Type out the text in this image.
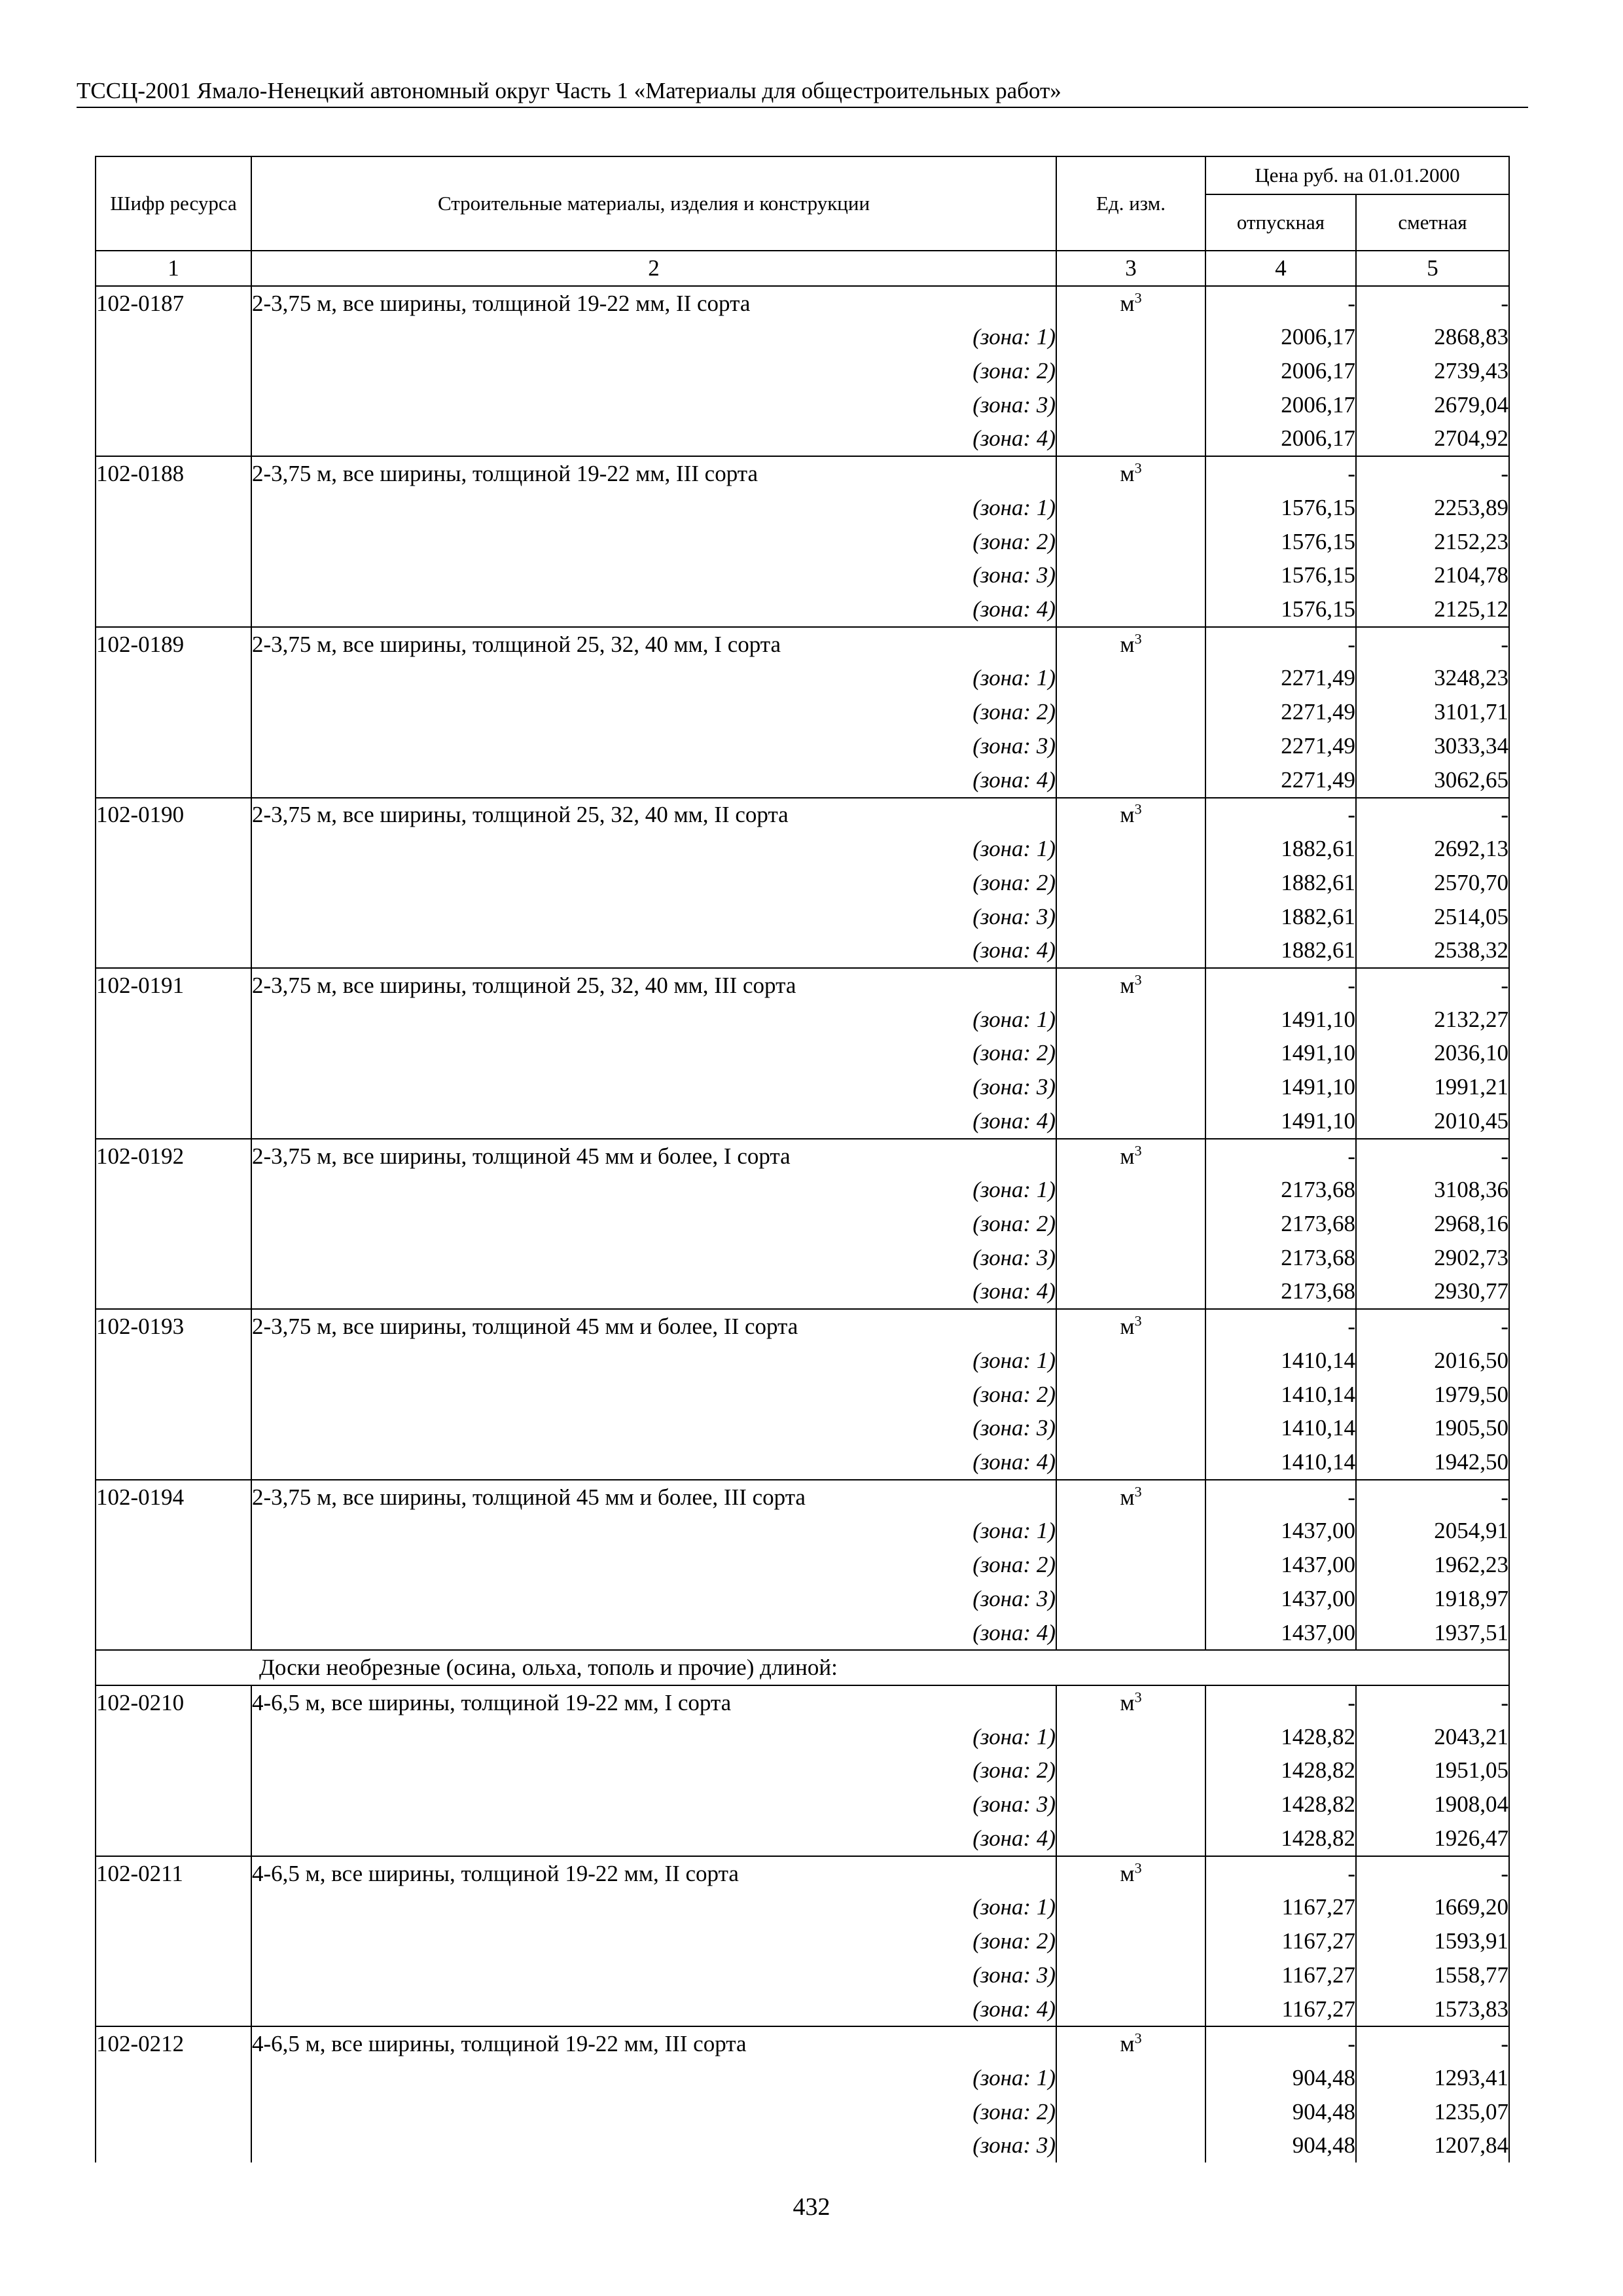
ТССЦ-2001 Ямало-Ненецкий автономный округ Часть 1 «Материалы для общестроительных работ»
Шифр ресурса	Строительные материалы, изделия и конструкции	Ед. изм.	Цена руб. на 01.01.2000	
			отпускная	сметная
1	2	3	4	5
102-0187	2-3,75 м, все ширины, толщиной 19-22 мм, II сорта	$м^3$	-	-
	(зона: 1)		2006,17	2868,83
	(зона: 2)		2006,17	2739,43
	(зона: 3)		2006,17	2679,04
	(зона: 4)		2006,17	2704,92
102-0188	2-3,75 м, все ширины, толщиной 19-22 мм, III сорта	$м^3$	-	-
	(зона: 1)		1576,15	2253,89
	(зона: 2)		1576,15	2152,23
	(зона: 3)		1576,15	2104,78
	(зона: 4)		1576,15	2125,12
102-0189	2-3,75 м, все ширины, толщиной 25, 32, 40 мм, I сорта	$м^3$	-	-
	(зона: 1)		2271,49	3248,23
	(зона: 2)		2271,49	3101,71
	(зона: 3)		2271,49	3033,34
	(зона: 4)		2271,49	3062,65
102-0190	2-3,75 м, все ширины, толщиной 25, 32, 40 мм, II сорта	$м^3$	-	-
	(зона: 1)		1882,61	2692,13
	(зона: 2)		1882,61	2570,70
	(зона: 3)		1882,61	2514,05
	(зона: 4)		1882,61	2538,32
102-0191	2-3,75 м, все ширины, толщиной 25, 32, 40 мм, III сорта	$м^3$	-	-
	(зона: 1)		1491,10	2132,27
	(зона: 2)		1491,10	2036,10
	(зона: 3)		1491,10	1991,21
	(зона: 4)		1491,10	2010,45
102-0192	2-3,75 м, все ширины, толщиной 45 мм и более, I сорта	$м^3$	-	-
	(зона: 1)		2173,68	3108,36
	(зона: 2)		2173,68	2968,16
	(зона: 3)		2173,68	2902,73
	(зона: 4)		2173,68	2930,77
102-0193	2-3,75 м, все ширины, толщиной 45 мм и более, II сорта	$м^3$	-	-
	(зона: 1)		1410,14	2016,50
	(зона: 2)		1410,14	1979,50
	(зона: 3)		1410,14	1905,50
	(зона: 4)		1410,14	1942,50
102-0194	2-3,75 м, все ширины, толщиной 45 мм и более, III сорта	$м^3$	-	-
	(зона: 1)		1437,00	2054,91
	(зона: 2)		1437,00	1962,23
	(зона: 3)		1437,00	1918,97
	(зона: 4)		1437,00	1937,51
Доски необрезные (осина, ольха, тополь и прочие) длиной:				
102-0210	4-6,5 м, все ширины, толщиной 19-22 мм, I сорта	$м^3$	-	-
	(зона: 1)		1428,82	2043,21
	(зона: 2)		1428,82	1951,05
	(зона: 3)		1428,82	1908,04
	(зона: 4)		1428,82	1926,47
102-0211	4-6,5 м, все ширины, толщиной 19-22 мм, II сорта	$м^3$	-	-
	(зона: 1)		1167,27	1669,20
	(зона: 2)		1167,27	1593,91
	(зона: 3)		1167,27	1558,77
	(зона: 4)		1167,27	1573,83
102-0212	4-6,5 м, все ширины, толщиной 19-22 мм, III сорта	$м^3$	-	-
	(зона: 1)		904,48	1293,41
	(зона: 2)		904,48	1235,07
	(зона: 3)		904,48	1207,84
432
